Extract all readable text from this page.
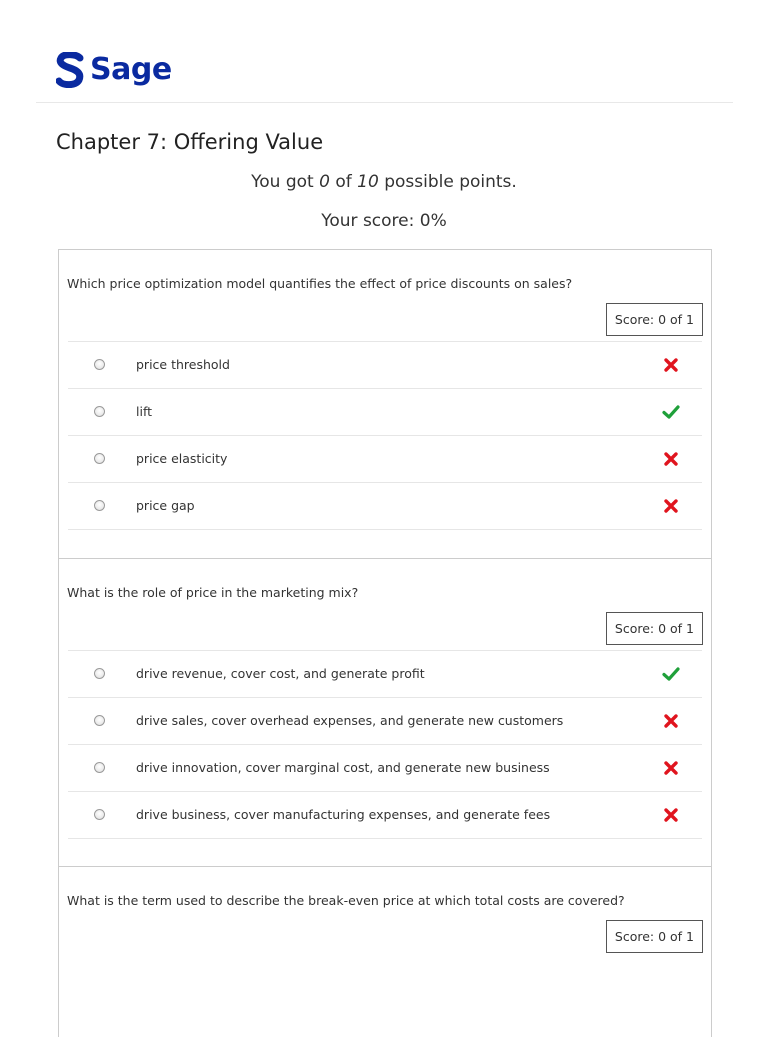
Sage
Chapter 7: Offering Value
You got 0 of 10 possible points.
Your score: 0%
Which price optimization model quantifies the effect of price discounts on sales?
Score: 0 of 1
price threshold
lift
price elasticity
price gap
What is the role of price in the marketing mix?
Score: 0 of 1
drive revenue, cover cost, and generate profit
drive sales, cover overhead expenses, and generate new customers
drive innovation, cover marginal cost, and generate new business
drive business, cover manufacturing expenses, and generate fees
What is the term used to describe the break-even price at which total costs are covered?
Score: 0 of 1
